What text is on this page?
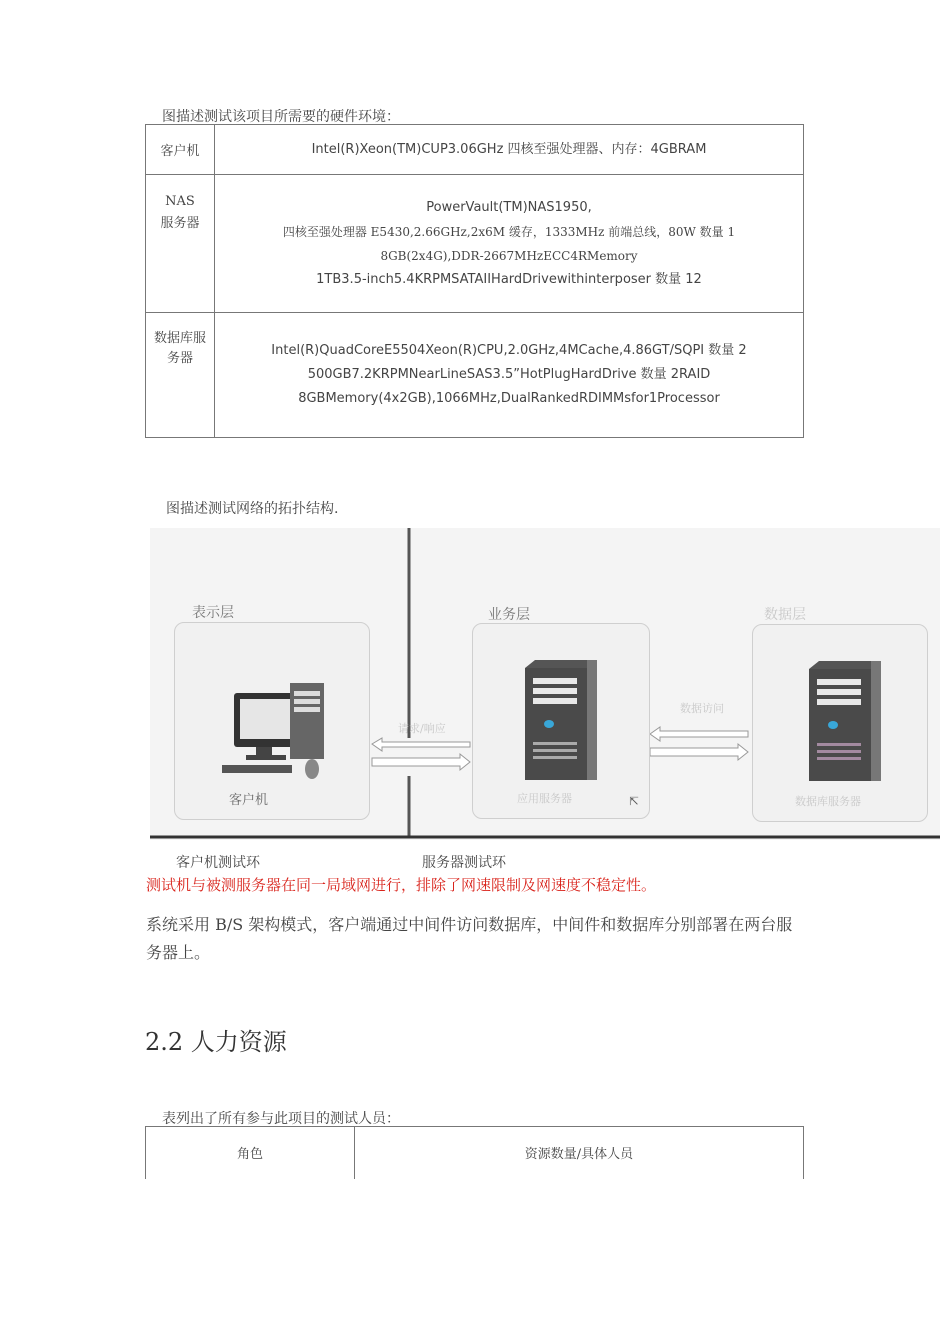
图描述测试该项目所需要的硬件环境：
客户机	Intel(R)Xeon(TM)CUP3.06GHz 四核至强处理器、内存：4GBRAM

NAS 服务器	PowerVault(TM)NAS1950,
四核至强处理器 E5430,2.66GHz,2x6M 缓存，1333MHz 前端总线，80W 数量 1
8GB(2x4G),DDR-2667MHzECC4RMemory
1TB3.5-inch5.4KRPMSATAIIHardDrivewithinterposer 数量 12

数据库服务器	Intel(R)QuadCoreE5504Xeon(R)CPU,2.0GHz,4MCache,4.86GT/SQPI 数量 2
500GB7.2KRPMNearLineSAS3.5”HotPlugHardDrive 数量 2RAID
8GBMemory(4x2GB),1066MHz,DualRankedRDIMMsfor1Processor
图描述测试网络的拓扑结构.
表示层
客户机
请求/响应
业务层
应用服务器	⇱
数据访问
数据层
数据库服务器
客户机测试环	服务器测试环
测试机与被测服务器在同一局域网进行，排除了网速限制及网速度不稳定性。
系统采用 B/S 架构模式，客户端通过中间件访问数据库，中间件和数据库分别部署在两台服务器上。
2.2 人力资源
表列出了所有参与此项目的测试人员：
角色	资源数量/具体人员
